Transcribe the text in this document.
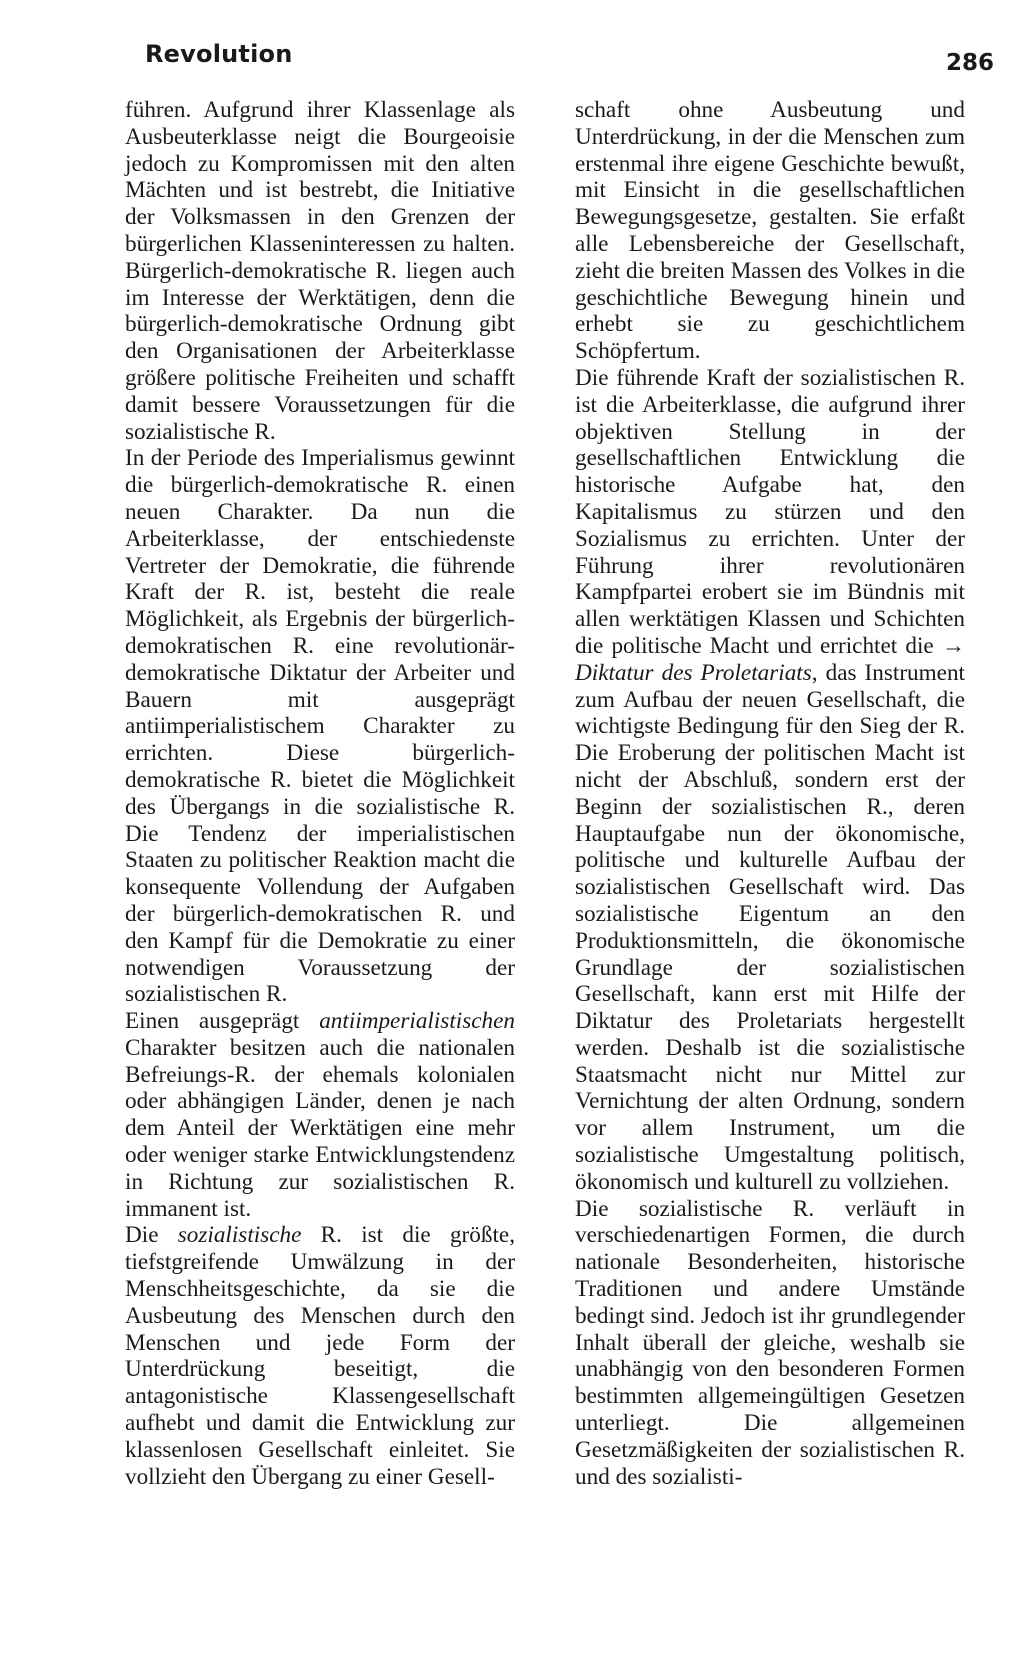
Revolution	286

führen. Aufgrund ihrer Klassenlage als Ausbeuterklasse neigt die Bourgeoisie jedoch zu Kompromissen mit den alten Mächten und ist bestrebt, die Initiative der Volksmassen in den Grenzen der bürgerlichen Klasseninteressen zu halten. Bürgerlich-demokratische R. liegen auch im Interesse der Werktätigen, denn die bürgerlich-demokratische Ordnung gibt den Organisationen der Arbeiterklasse größere politische Freiheiten und schafft damit bessere Voraussetzungen für die sozialistische R.

In der Periode des Imperialismus gewinnt die bürgerlich-demokratische R. einen neuen Charakter. Da nun die Arbeiterklasse, der entschiedenste Vertreter der Demokratie, die führende Kraft der R. ist, besteht die reale Möglichkeit, als Ergebnis der bürgerlich-demokratischen R. eine revolutionär-demokratische Diktatur der Arbeiter und Bauern mit ausgeprägt antiimperialistischem Charakter zu errichten. Diese bürgerlich-demokratische R. bietet die Möglichkeit des Übergangs in die sozialistische R. Die Tendenz der imperialistischen Staaten zu politischer Reaktion macht die konsequente Vollendung der Aufgaben der bürgerlich-demokratischen R. und den Kampf für die Demokratie zu einer notwendigen Voraussetzung der sozialistischen R.

Einen ausgeprägt antiimperialistischen Charakter besitzen auch die nationalen Befreiungs-R. der ehemals kolonialen oder abhängigen Länder, denen je nach dem Anteil der Werktätigen eine mehr oder weniger starke Entwicklungstendenz in Richtung zur sozialistischen R. immanent ist.

Die sozialistische R. ist die größte, tiefstgreifende Umwälzung in der Menschheitsgeschichte, da sie die Ausbeutung des Menschen durch den Menschen und jede Form der Unterdrückung beseitigt, die antagonistische Klassengesellschaft aufhebt und damit die Entwicklung zur klassenlosen Gesellschaft einleitet. Sie vollzieht den Übergang zu einer Gesell-

schaft ohne Ausbeutung und Unterdrückung, in der die Menschen zum erstenmal ihre eigene Geschichte bewußt, mit Einsicht in die gesellschaftlichen Bewegungsgesetze, gestalten. Sie erfaßt alle Lebensbereiche der Gesellschaft, zieht die breiten Massen des Volkes in die geschichtliche Bewegung hinein und erhebt sie zu geschichtlichem Schöpfertum.

Die führende Kraft der sozialistischen R. ist die Arbeiterklasse, die aufgrund ihrer objektiven Stellung in der gesellschaftlichen Entwicklung die historische Aufgabe hat, den Kapitalismus zu stürzen und den Sozialismus zu errichten. Unter der Führung ihrer revolutionären Kampfpartei erobert sie im Bündnis mit allen werktätigen Klassen und Schichten die politische Macht und errichtet die → Diktatur des Proletariats, das Instrument zum Aufbau der neuen Gesellschaft, die wichtigste Bedingung für den Sieg der R. Die Eroberung der politischen Macht ist nicht der Abschluß, sondern erst der Beginn der sozialistischen R., deren Hauptaufgabe nun der ökonomische, politische und kulturelle Aufbau der sozialistischen Gesellschaft wird. Das sozialistische Eigentum an den Produktionsmitteln, die ökonomische Grundlage der sozialistischen Gesellschaft, kann erst mit Hilfe der Diktatur des Proletariats hergestellt werden. Deshalb ist die sozialistische Staatsmacht nicht nur Mittel zur Vernichtung der alten Ordnung, sondern vor allem Instrument, um die sozialistische Umgestaltung politisch, ökonomisch und kulturell zu vollziehen.

Die sozialistische R. verläuft in verschiedenartigen Formen, die durch nationale Besonderheiten, historische Traditionen und andere Umstände bedingt sind. Jedoch ist ihr grundlegender Inhalt überall der gleiche, weshalb sie unabhängig von den besonderen Formen bestimmten allgemeingültigen Gesetzen unterliegt. Die allgemeinen Gesetzmäßigkeiten der sozialistischen R. und des sozialisti-
